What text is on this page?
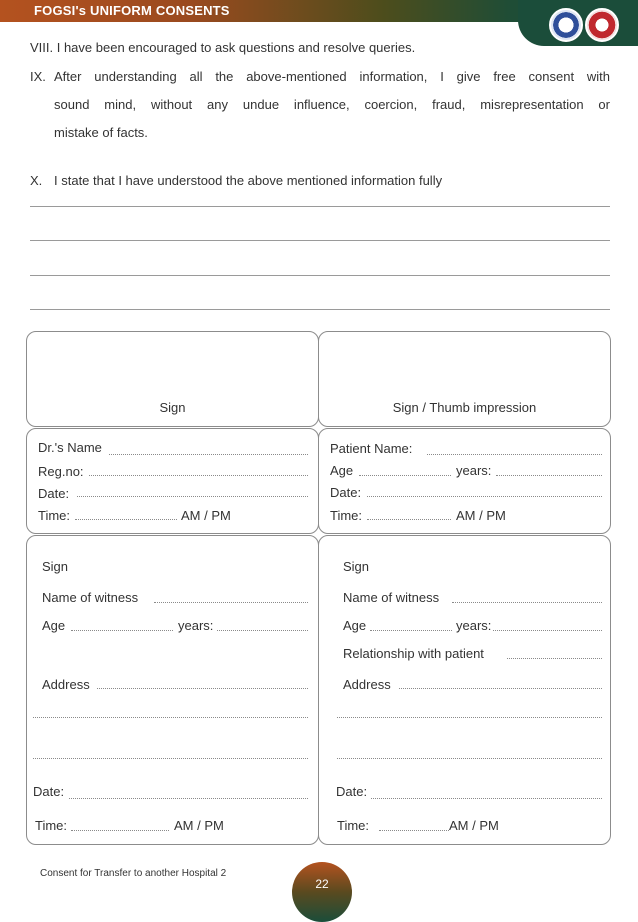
FOGSI's UNIFORM CONSENTS
VIII. I have been encouraged to ask questions and resolve queries.
IX. After understanding all the above-mentioned information, I give free consent with
sound mind, without any undue influence, coercion, fraud, misrepresentation or
mistake of facts.
X. I state that I have understood the above mentioned information fully
Sign	Sign / Thumb impression
Dr.'s Name
Reg.no:
Date:
Time:	AM / PM
Patient Name:
Age	years:
Date:
Time:	AM / PM
Sign
Name of witness
Age	years:
Address
Date:
Time:	AM / PM
Sign
Name of witness
Age	years:
Relationship with patient
Address
Date:
Time:	AM / PM
Consent for Transfer to another Hospital 2
22
